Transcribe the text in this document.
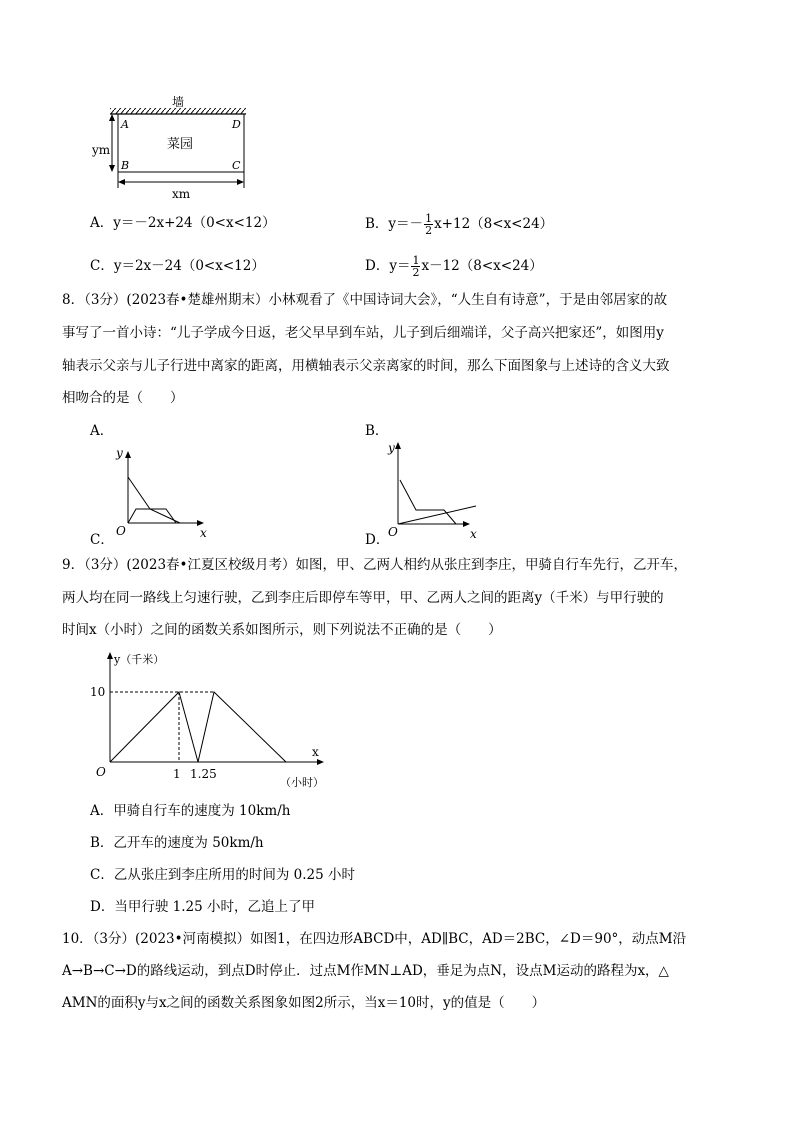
墙
菜园
A	D
B	C
ym
xm
A．y＝－2x+24（0<x<12）	B．$y=- \frac{1}{2} x+12(8<x<24)$
C．y＝2x－24（0<x<12）	D．$y= \frac{1}{2} x-12(8<x<24)$
8．（3分）(2023春•楚雄州期末）小林观看了《中国诗词大会》，“人生自有诗意”，于是由邻居家的故
事写了一首小诗：“儿子学成今日返，老父早早到车站，儿子到后细端详，父子高兴把家还”，如图用y
轴表示父亲与儿子行进中离家的距离，用横轴表示父亲离家的时间，那么下面图象与上述诗的含义大致
相吻合的是（　　）
A．	B．
C．	D．
y
x
O
y
x
O
9．（3分）(2023春•江夏区校级月考）如图，甲、乙两人相约从张庄到李庄，甲骑自行车先行，乙开车，
两人均在同一路线上匀速行驶，乙到李庄后即停车等甲，甲、乙两人之间的距离y（千米）与甲行驶的
时间x（小时）之间的函数关系如图所示，则下列说法不正确的是（　　）
y（千米）
10
O	1 1.25
x
（小时）
A．甲骑自行车的速度为 10km/h
B．乙开车的速度为 50km/h
C．乙从张庄到李庄所用的时间为 0.25 小时
D．当甲行驶 1.25 小时，乙追上了甲
10．（3分）(2023•河南模拟）如图1，在四边形ABCD中，AD∥BC，AD＝2BC，∠D＝90°，动点M沿
A→B→C→D的路线运动，到点D时停止．过点M作MN⊥AD，垂足为点N，设点M运动的路程为x，△
AMN的面积y与x之间的函数关系图象如图2所示，当x＝10时，y的值是（　　）
